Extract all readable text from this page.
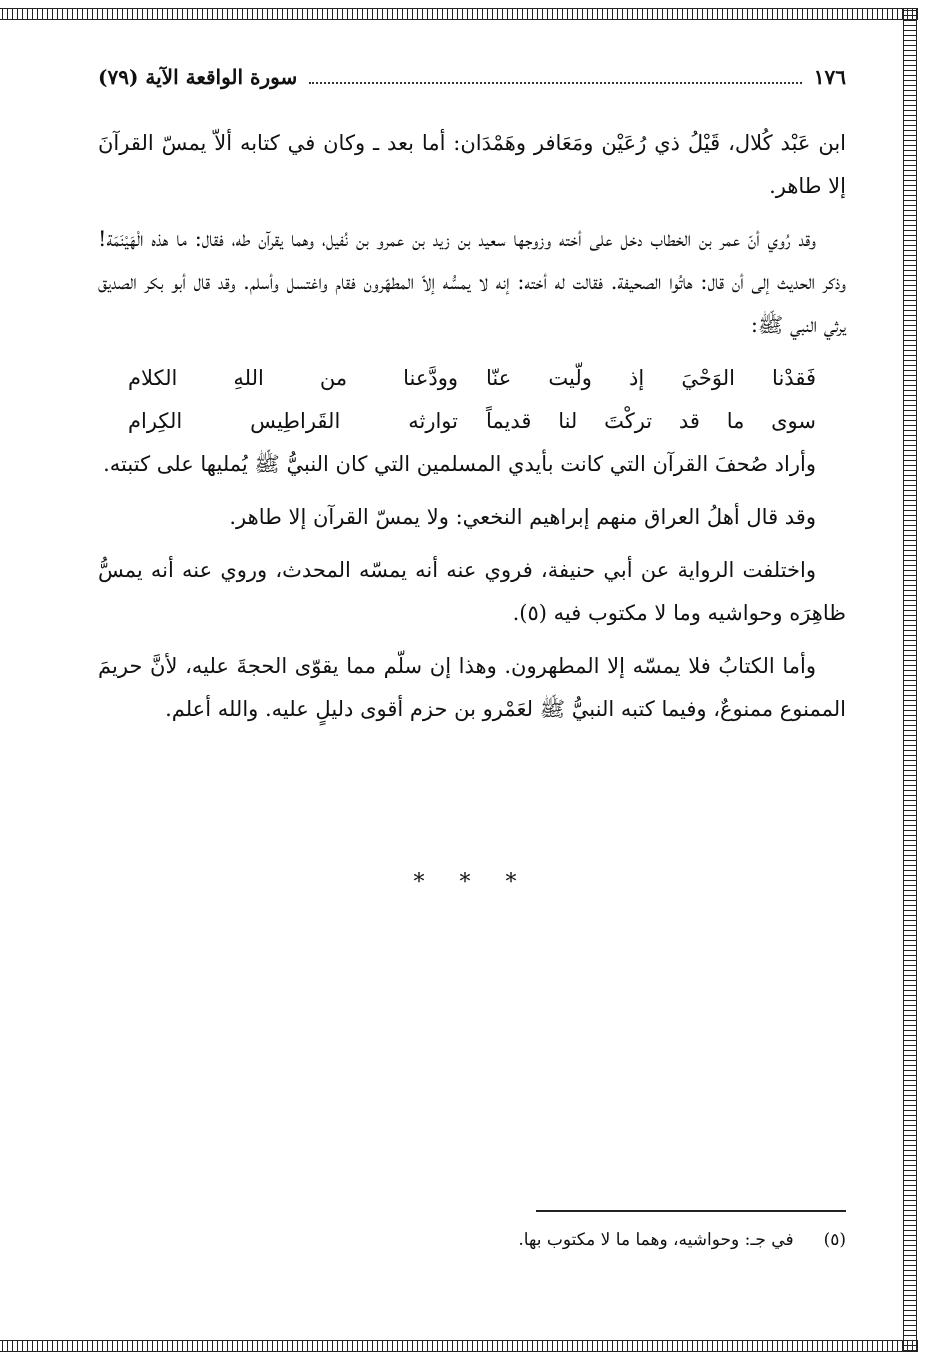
١٧٦
سورة الواقعة الآية (٧٩)

ابن عَبْد كُلال، قَيْلُ ذي رُعَيْن ومَعَافر وهَمْدَان: أما بعد ـ وكان في كتابه ألاّ يمسّ القرآنَ إلا طاهر.

وقد رُوي أنّ عمر بن الخطاب دخل على أخته وزوجها سعيد بن زيد بن عمرو بن نُفيل، وهما يقرآن طه، فقال: ما هذه الْهَيْنَمَة! وذكر الحديث إلى أن قال: هاتُوا الصحيفة. فقالت له أخته: إنه لا يمسُّه إلاّ المطهّرون فقام واغتسل وأسلم. وقد قال أبو بكر الصديق يرثي النبي ﷺ:

فَقدْنا الوَحْيَ إذ ولّيت عنّا
وودَّعنا من اللهِ الكلام
سوى ما قد تركْتَ لنا قديماً
توارثه القَراطِيس الكِرام

وأراد صُحفَ القرآن التي كانت بأيدي المسلمين التي كان النبيُّ ﷺ يُمليها على كتبته.

وقد قال أهلُ العراق منهم إبراهيم النخعي: ولا يمسّ القرآن إلا طاهر.

واختلفت الرواية عن أبي حنيفة، فروي عنه أنه يمسّه المحدث، وروي عنه أنه يمسُّ ظاهِرَه وحواشيه وما لا مكتوب فيه (٥).

وأما الكتابُ فلا يمسّه إلا المطهرون. وهذا إن سلّم مما يقوّى الحجةَ عليه، لأنَّ حريمَ الممنوع ممنوعٌ، وفيما كتبه النبيُّ ﷺ لعَمْرو بن حزم أقوى دليلٍ عليه. والله أعلم.

* * *
(٥)
في جـ: وحواشيه، وهما ما لا مكتوب بها.
